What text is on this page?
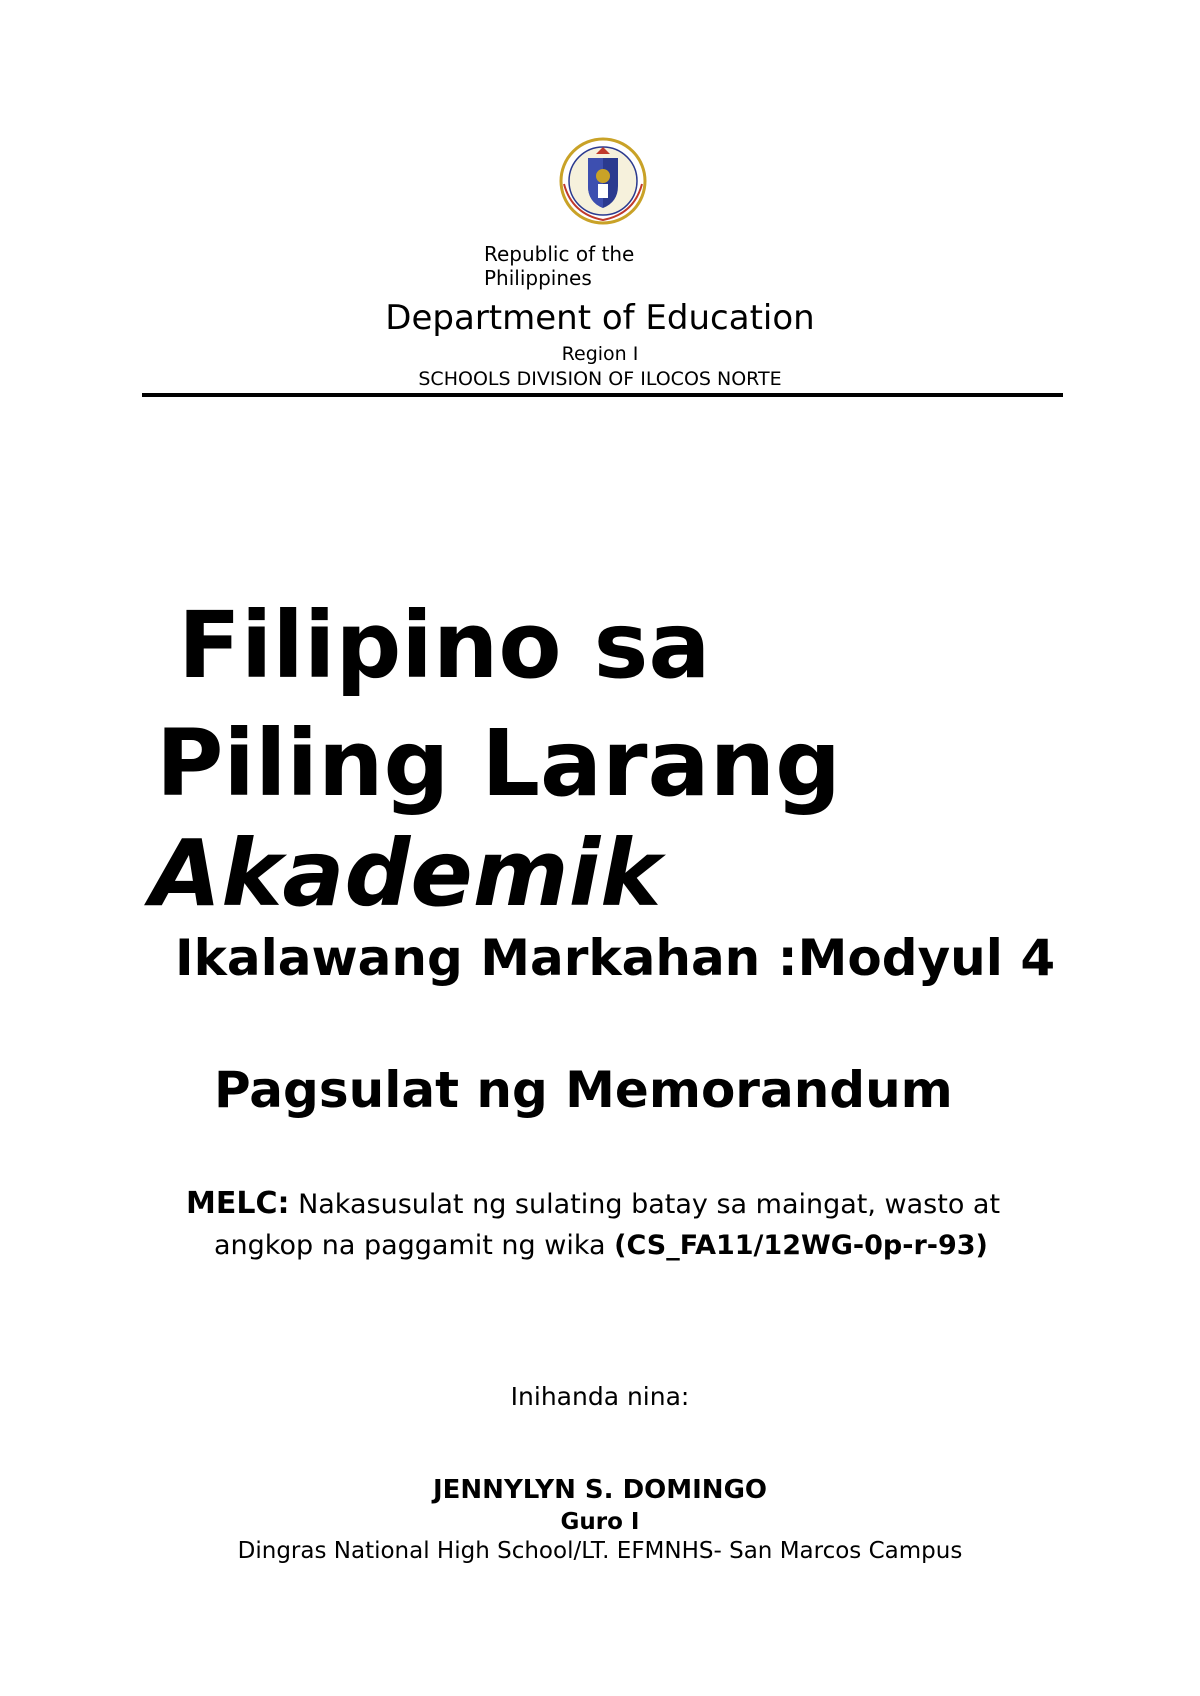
Republic of the Philippines
Department of Education
Region I
SCHOOLS DIVISION OF ILOCOS NORTE
Filipino sa
Piling Larang
Akademik
Ikalawang Markahan :Modyul 4
Pagsulat ng Memorandum
MELC: Nakasusulat ng sulating batay sa maingat, wasto at
angkop na paggamit ng wika (CS_FA11/12WG-0p-r-93)
Inihanda nina:
JENNYLYN S. DOMINGO
Guro I
Dingras National High School/LT. EFMNHS- San Marcos Campus
